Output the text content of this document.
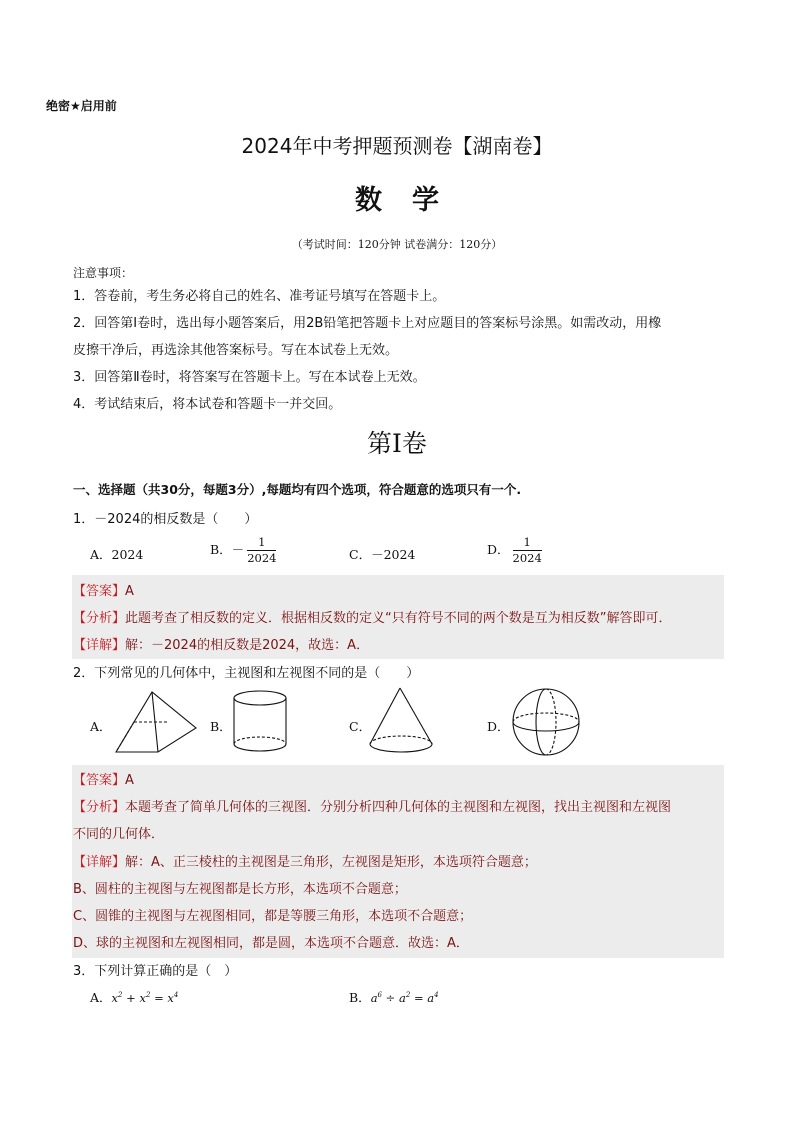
绝密★启用前
2024年中考押题预测卷【湖南卷】
数学
（考试时间：120分钟 试卷满分：120分）
注意事项：
1．答卷前，考生务必将自己的姓名、准考证号填写在答题卡上。
2．回答第Ⅰ卷时，选出每小题答案后，用2B铅笔把答题卡上对应题目的答案标号涂黑。如需改动，用橡
皮擦干净后，再选涂其他答案标号。写在本试卷上无效。
3．回答第Ⅱ卷时，将答案写在答题卡上。写在本试卷上无效。
4．考试结束后，将本试卷和答题卡一并交回。
第Ⅰ卷
一、选择题（共30分，每题3分）,每题均有四个选项，符合题意的选项只有一个.
1．－2024的相反数是（　　）
A．2024	B．－ $\frac{1}{2024}$	C．－2024	D． $\frac{1}{2024}$
【答案】A
【分析】此题考查了相反数的定义．根据相反数的定义“只有符号不同的两个数是互为相反数”解答即可．
【详解】解：－2024的相反数是2024，故选：A．
2．下列常见的几何体中，主视图和左视图不同的是（　　）
A．	B．	C．	D．
【答案】A
【分析】本题考查了简单几何体的三视图．分别分析四种几何体的主视图和左视图，找出主视图和左视图
不同的几何体．
【详解】解：A、正三棱柱的主视图是三角形，左视图是矩形，本选项符合题意；
B、圆柱的主视图与左视图都是长方形，本选项不合题意；
C、圆锥的主视图与左视图相同，都是等腰三角形，本选项不合题意；
D、球的主视图和左视图相同，都是圆，本选项不合题意．故选：A．
3．下列计算正确的是（　）
A．$x^2 + x^2 = x^4$	B．$a^6 \div a^2 = a^4$
